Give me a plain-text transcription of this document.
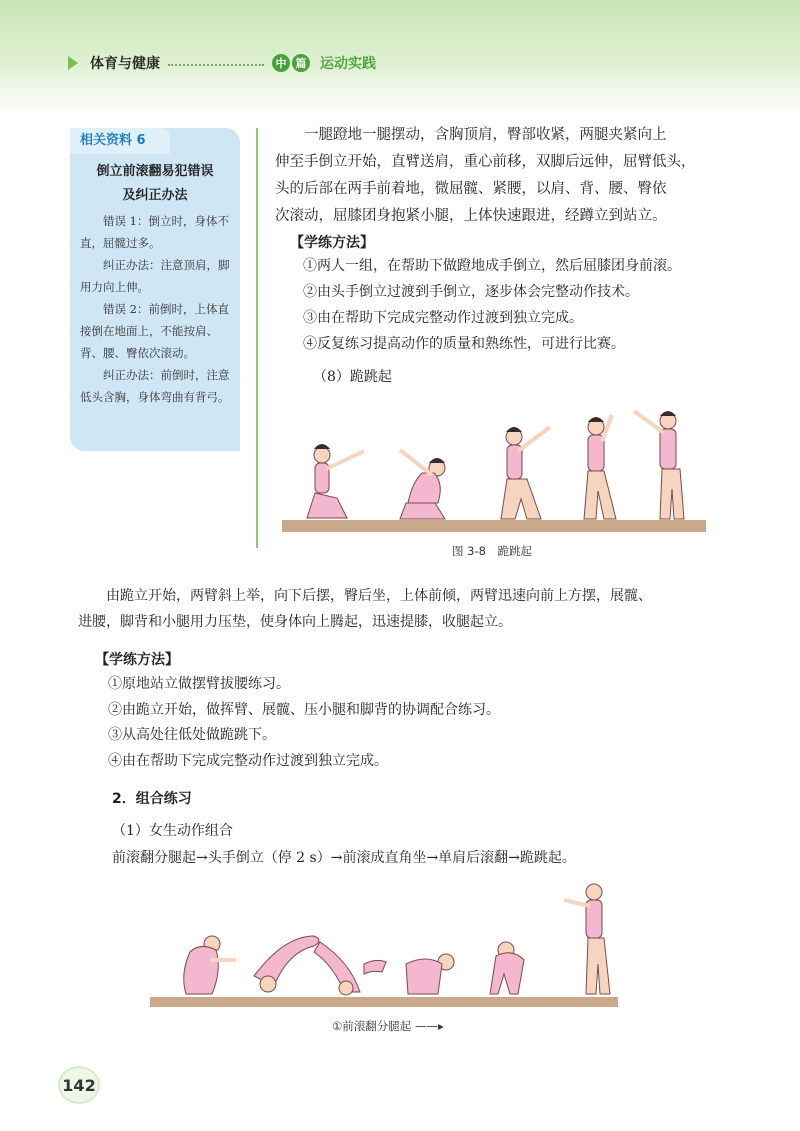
体育与健康	中 篇 运动实践
相关资料 6
倒立前滚翻易犯错误
及纠正办法

错误 1：倒立时，身体不直，屈髋过多。

纠正办法：注意顶肩，脚用力向上伸。

错误 2：前倒时，上体直接倒在地面上，不能按肩、背、腰、臀依次滚动。

纠正办法：前倒时，注意低头含胸，身体弯曲有背弓。

一腿蹬地一腿摆动，含胸顶肩，臀部收紧，两腿夹紧向上
伸至手倒立开始，直臂送肩，重心前移，双脚后远伸，屈臂低头，
头的后部在两手前着地，微屈髋、紧腰，以肩、背、腰、臀依
次滚动，屈膝团身抱紧小腿，上体快速跟进，经蹲立到站立。
【学练方法】
①两人一组，在帮助下做蹬地成手倒立，然后屈膝团身前滚。
②由头手倒立过渡到手倒立，逐步体会完整动作技术。
③由在帮助下完成完整动作过渡到独立完成。
④反复练习提高动作的质量和熟练性，可进行比赛。
（8）跪跳起
图 3-8　跪跳起
由跪立开始，两臂斜上举，向下后摆，臀后坐，上体前倾，两臂迅速向前上方摆，展髋、
进腰，脚背和小腿用力压垫，使身体向上腾起，迅速提膝，收腿起立。
【学练方法】
①原地站立做摆臂拔腰练习。
②由跪立开始，做挥臂、展髋、压小腿和脚背的协调配合练习。
③从高处往低处做跪跳下。
④由在帮助下完成完整动作过渡到独立完成。
2．组合练习
（1）女生动作组合
前滚翻分腿起→头手倒立（停 2 s）→前滚成直角坐→单肩后滚翻→跪跳起。
①前滚翻分腿起 ——▸
142
